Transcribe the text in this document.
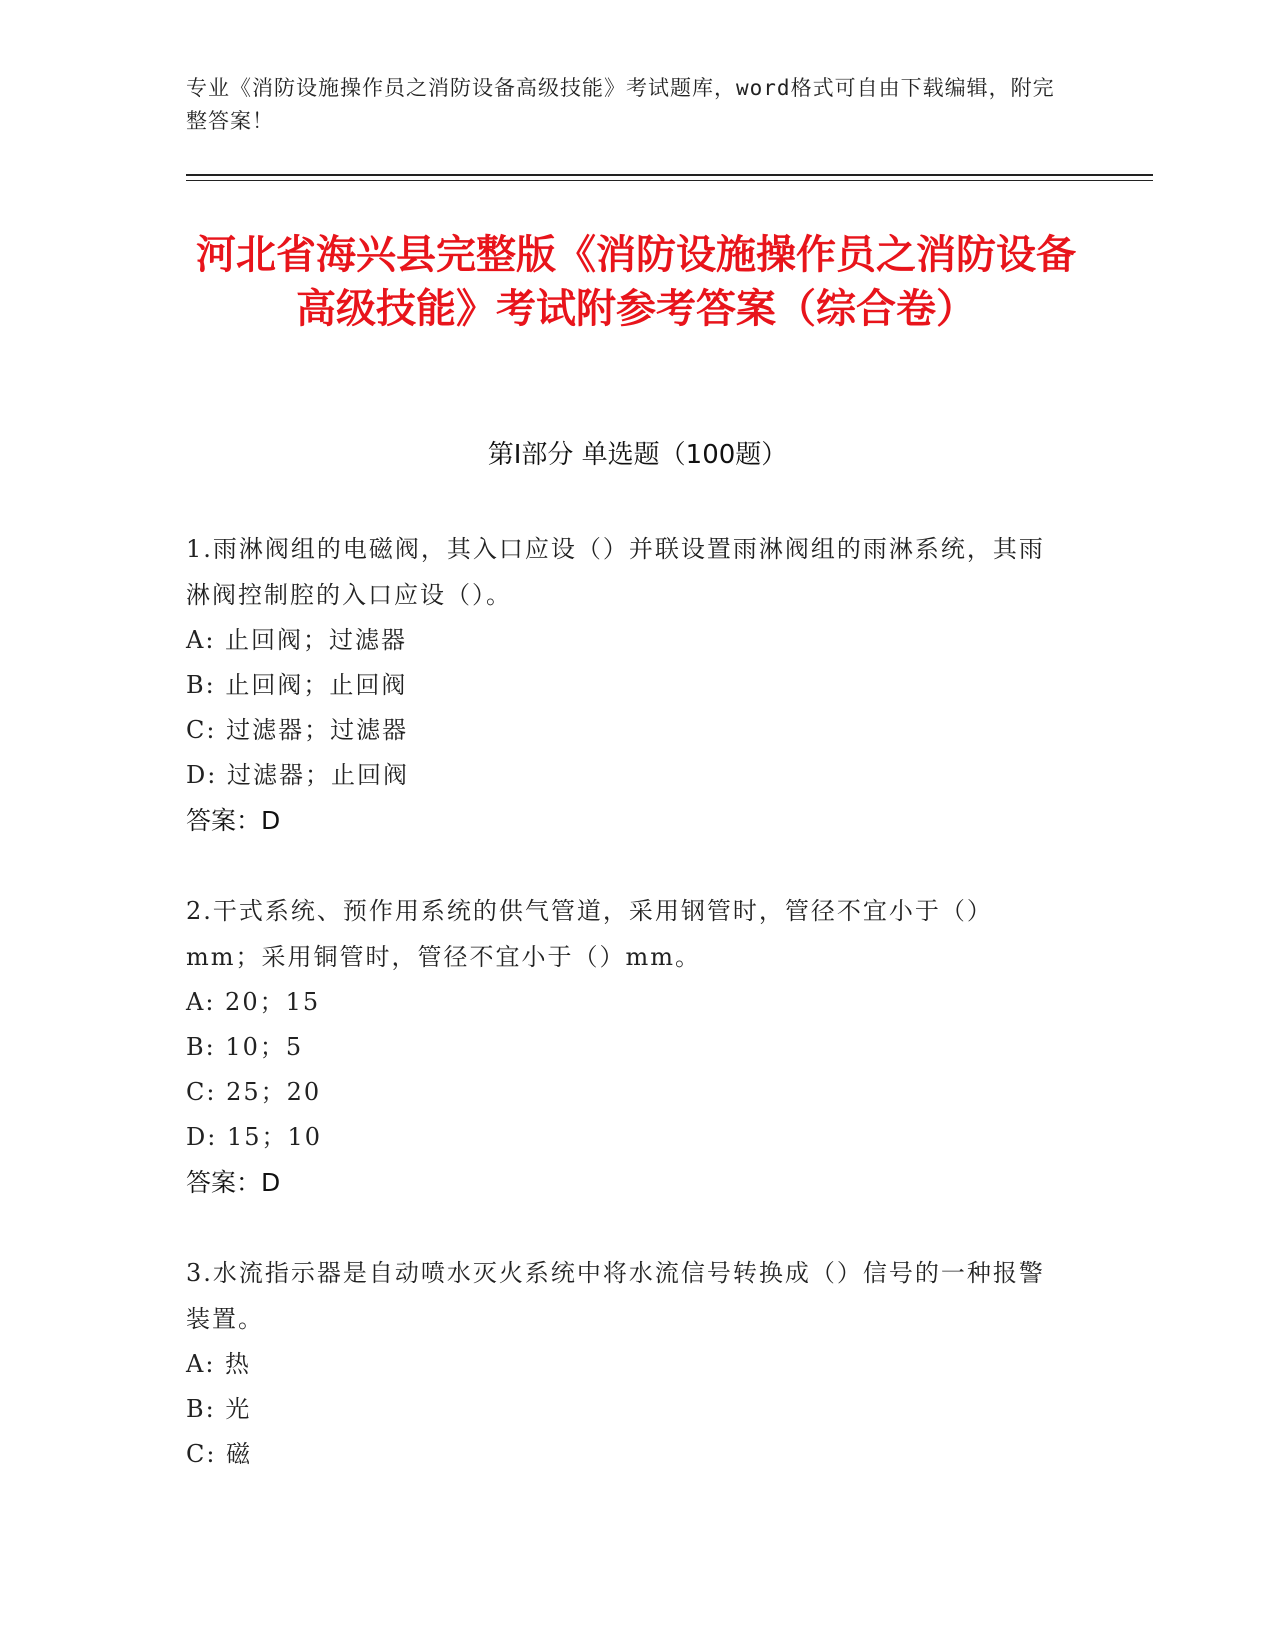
专业《消防设施操作员之消防设备高级技能》考试题库，word格式可自由下载编辑，附完整答案！
河北省海兴县完整版《消防设施操作员之消防设备高级技能》考试附参考答案（综合卷）
第Ⅰ部分 单选题（100题）
1.雨淋阀组的电磁阀，其入口应设（）并联设置雨淋阀组的雨淋系统，其雨淋阀控制腔的入口应设（）。
A: 止回阀；过滤器
B: 止回阀；止回阀
C: 过滤器；过滤器
D: 过滤器；止回阀
答案：D
2.干式系统、预作用系统的供气管道，采用钢管时，管径不宜小于（）mm；采用铜管时，管径不宜小于（）mm。
A: 20；15
B: 10；5
C: 25；20
D: 15；10
答案：D
3.水流指示器是自动喷水灭火系统中将水流信号转换成（）信号的一种报警装置。
A: 热
B: 光
C: 磁
